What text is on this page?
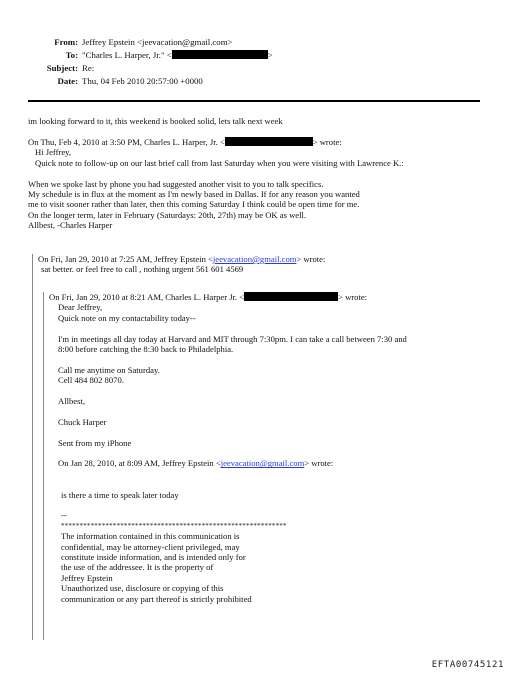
From: Jeffrey Epstein <jeevacation@gmail.com>
To: "Charles L. Harper, Jr." <	>
Subject: Re:
Date: Thu, 04 Feb 2010 20:57:00 +0000
im looking forward to it, this weekend is booked solid, lets talk next week
On Thu, Feb 4, 2010 at 3:50 PM, Charles L. Harper, Jr. <	> wrote:
Hi Jeffrey,
Quick note to follow-up on our last brief call from last Saturday when you were visiting with Lawrence K.:
When we spoke last by phone you had suggested another visit to you to talk specifics.
My schedule is in flux at the moment as I'm newly based in Dallas. If for any reason you wanted
me to visit sooner rather than later, then this coming Saturday I think could be open time for me.
On the longer term, later in February (Saturdays: 20th, 27th) may be OK as well.
Allbest, -Charles Harper
On Fri, Jan 29, 2010 at 7:25 AM, Jeffrey Epstein <jeevacation@gmail.com> wrote:
sat better. or feel free to call , nothing urgent 561 601 4569
On Fri, Jan 29, 2010 at 8:21 AM, Charles L. Harper Jr. <	> wrote:
Dear Jeffrey,
Quick note on my contactability today--
I'm in meetings all day today at Harvard and MIT through 7:30pm. I can take a call between 7:30 and
8:00 before catching the 8:30 back to Philadelphia.
Call me anytime on Saturday.
Cell 484 802 8070.
Allbest,
Chuck Harper
Sent from my iPhone
On Jan 28, 2010, at 8:09 AM, Jeffrey Epstein <jeevacation@gmail.com> wrote:
is there a time to speak later today
--
*************************************************************
The information contained in this communication is
confidential, may be attorney-client privileged, may
constitute inside information, and is intended only for
the use of the addressee. It is the property of
Jeffrey Epstein
Unauthorized use, disclosure or copying of this
communication or any part thereof is strictly prohibited
EFTA00745121
